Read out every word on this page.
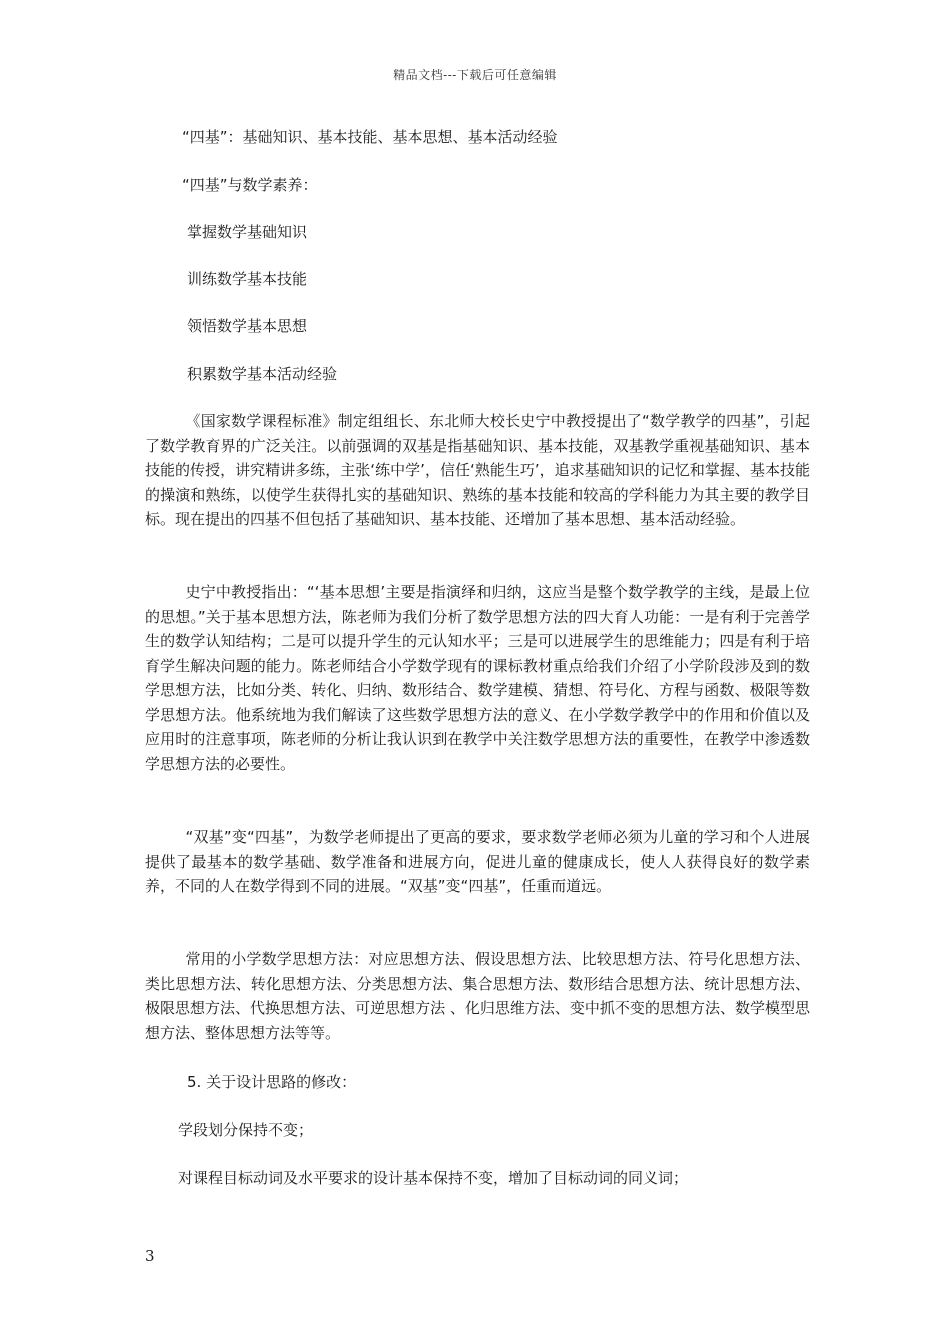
精品文档---下载后可任意编辑
“四基”：基础知识、基本技能、基本思想、基本活动经验
“四基”与数学素养：
掌握数学基础知识
训练数学基本技能
领悟数学基本思想
积累数学基本活动经验

《国家数学课程标准》制定组组长、东北师大校长史宁中教授提出了“数学教学的四基”，引起了数学教育界的广泛关注。以前强调的双基是指基础知识、基本技能，双基教学重视基础知识、基本技能的传授，讲究精讲多练，主张‘练中学’，信任‘熟能生巧’，追求基础知识的记忆和掌握、基本技能的操演和熟练，以使学生获得扎实的基础知识、熟练的基本技能和较高的学科能力为其主要的教学目标。现在提出的四基不但包括了基础知识、基本技能、还增加了基本思想、基本活动经验。

史宁中教授指出：“‘基本思想’主要是指演绎和归纳，这应当是整个数学教学的主线，是最上位的思想。”关于基本思想方法，陈老师为我们分析了数学思想方法的四大育人功能：一是有利于完善学生的数学认知结构；二是可以提升学生的元认知水平；三是可以进展学生的思维能力；四是有利于培育学生解决问题的能力。陈老师结合小学数学现有的课标教材重点给我们介绍了小学阶段涉及到的数学思想方法，比如分类、转化、归纳、数形结合、数学建模、猜想、符号化、方程与函数、极限等数学思想方法。他系统地为我们解读了这些数学思想方法的意义、在小学数学教学中的作用和价值以及应用时的注意事项，陈老师的分析让我认识到在教学中关注数学思想方法的重要性，在教学中渗透数学思想方法的必要性。

“双基”变“四基”，为数学老师提出了更高的要求，要求数学老师必须为儿童的学习和个人进展提供了最基本的数学基础、数学准备和进展方向，促进儿童的健康成长，使人人获得良好的数学素养，不同的人在数学得到不同的进展。“双基”变“四基”，任重而道远。

常用的小学数学思想方法：对应思想方法、假设思想方法、比较思想方法、符号化思想方法、类比思想方法、转化思想方法、分类思想方法、集合思想方法、数形结合思想方法、统计思想方法、极限思想方法、代换思想方法、可逆思想方法 、化归思维方法、变中抓不变的思想方法、数学模型思想方法、整体思想方法等等。

5. 关于设计思路的修改：
学段划分保持不变；
对课程目标动词及水平要求的设计基本保持不变，增加了目标动词的同义词；
3
